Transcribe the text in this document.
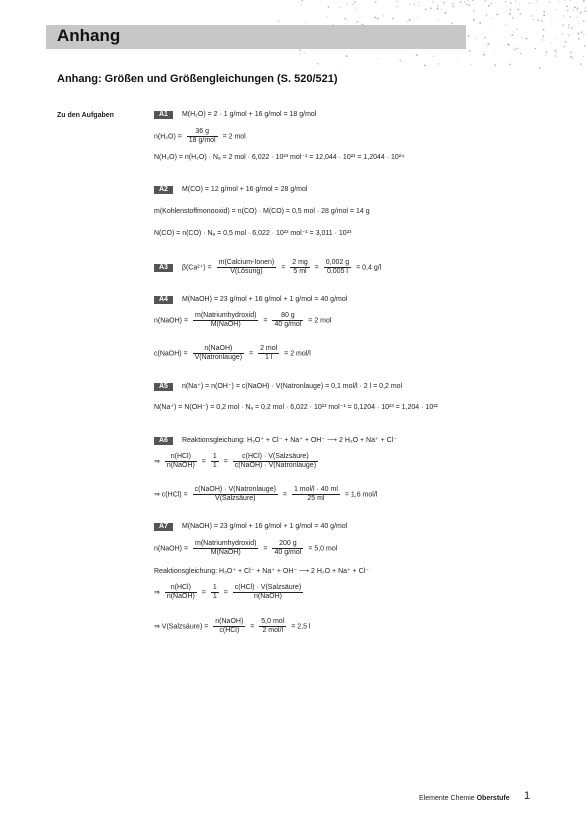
Anhang
Anhang: Größen und Größengleichungen (S. 520/521)
Zu den Aufgaben	A1 M(H₂O) = 2 · 1 g/mol + 16 g/mol = 18 g/mol
n(H₂O) =
36 g
18 g/mol
= 2 mol
N(H₂O) = n(H₂O) · Nₐ = 2 mol · 6,022 · 10²³ mol⁻¹ = 12,044 · 10²³ = 1,2044 · 10²⁴
A2 M(CO) = 12 g/mol + 16 g/mol = 28 g/mol
m(Kohlenstoffmonooxid) = n(CO) · M(CO) = 0,5 mol · 28 g/mol = 14 g
N(CO) = n(CO) · Nₐ = 0,5 mol · 6,022 · 10²³ mol⁻¹ = 3,011 · 10²³
A3 β(Ca²⁺) =
m(Calcium-Ionen)
V(Lösung)
= $\frac{2 mg}{5 ml} = \frac{0,002 g}{0,005 l} = 0,4$ g/l
A4 M(NaOH) = 23 g/mol + 16 g/mol + 1 g/mol = 40 g/mol
n(NaOH) =
m(Natriumhydroxid)
M(NaOH)
=
80 g
40 g/mol
= 2 mol
c(NaOH) =
n(NaOH)
V(Natronlauge)
=
2 mol
1 l
= 2 mol/l
A5 n(Na⁺) = n(OH⁻) = c(NaOH) · V(Natronlauge) = 0,1 mol/l · 2 l = 0,2 mol
N(Na⁺) = N(OH⁻) = 0,2 mol · Nₐ = 0,2 mol · 6,022 · 10²³ mol⁻¹ = 0,1204 · 10²³ = 1,204 · 10²²
A6 Reaktionsgleichung: H₃O⁺ + Cl⁻ + Na⁺ + OH⁻ ⟶ 2 H₂O + Na⁺ + Cl⁻
⇒
n(HCl)
n(NaOH)
= $\frac{1}{1}$ =
c(HCl) · V(Salzsäure)
c(NaOH) · V(Natronlauge)
⇒ c(HCl) =
c(NaOH) · V(Natronlauge)
V(Salzsäure)
=
1 mol/l · 40 ml
25 ml
= 1,6 mol/l
A7 M(NaOH) = 23 g/mol + 16 g/mol + 1 g/mol = 40 g/mol
n(NaOH) =
m(Natriumhydroxid)
M(NaOH)
=
200 g
40 g/mol
= 5,0 mol
Reaktionsgleichung: H₃O⁺ + Cl⁻ + Na⁺ + OH⁻ ⟶ 2 H₂O + Na⁺ + Cl⁻
⇒
n(HCl)
n(NaOH)
= $\frac{1}{1}$ =
c(HCl) · V(Salzsäure)
n(NaOH)
⇒ V(Salzsäure) =
n(NaOH)
c(HCl)
=
5,0 mol
2 mol/l
= 2,5 l
Elemente Chemie Oberstufe 1
